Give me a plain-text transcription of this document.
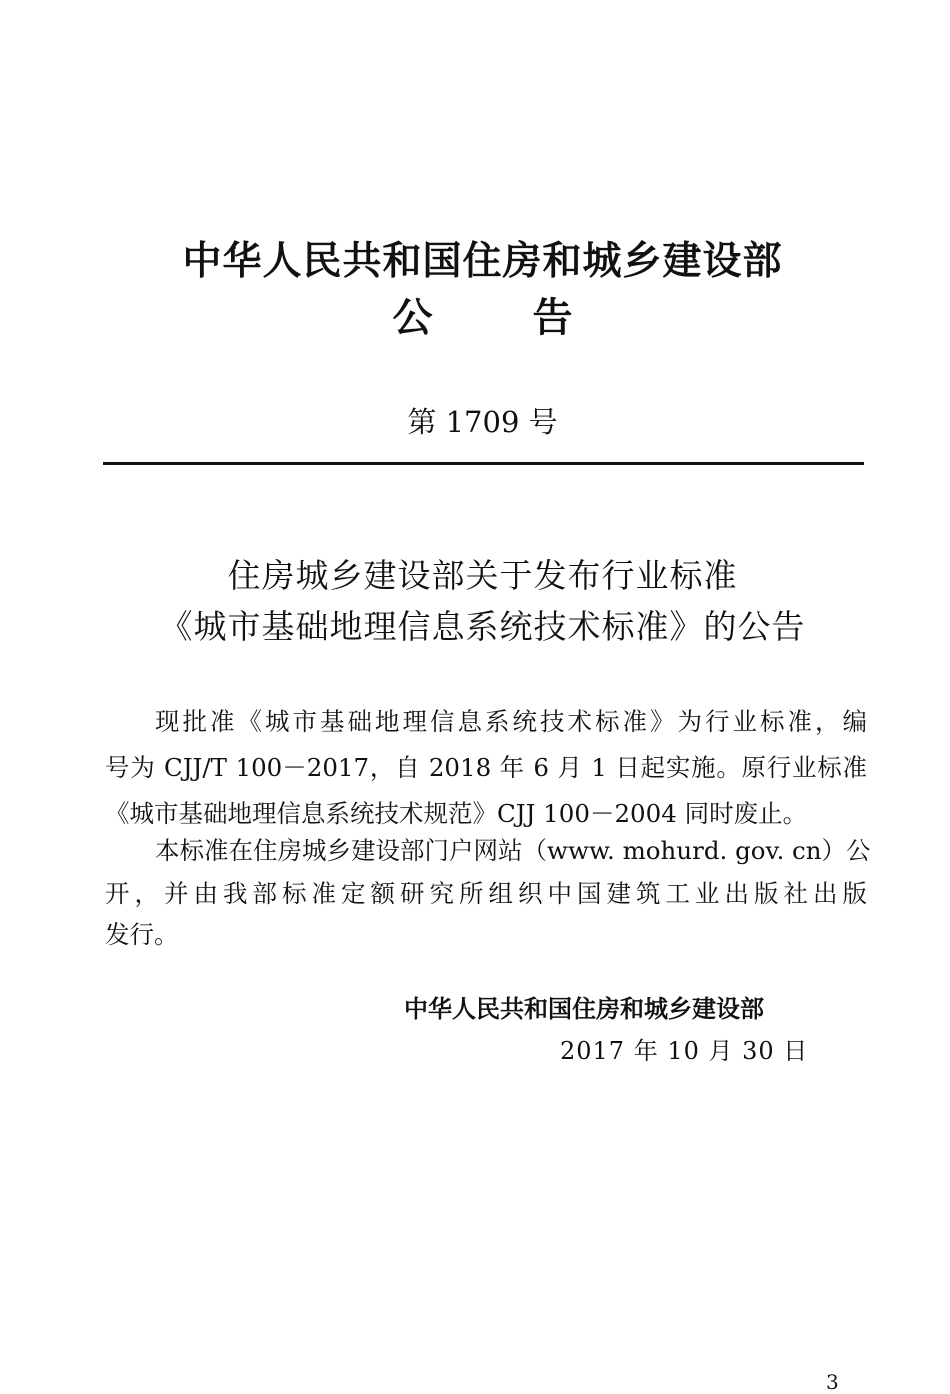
中华人民共和国住房和城乡建设部
公告
第 1709 号
住房城乡建设部关于发布行业标准
《城市基础地理信息系统技术标准》的公告
现批准《城市基础地理信息系统技术标准》为行业标准，编
号为 CJJ/T 100－2017，自 2018 年 6 月 1 日起实施。原行业标准
《城市基础地理信息系统技术规范》CJJ 100－2004 同时废止。
本标准在住房城乡建设部门户网站（www. mohurd. gov. cn）公
开，并由我部标准定额研究所组织中国建筑工业出版社出版
发行。
中华人民共和国住房和城乡建设部
2017 年 10 月 30 日
3
